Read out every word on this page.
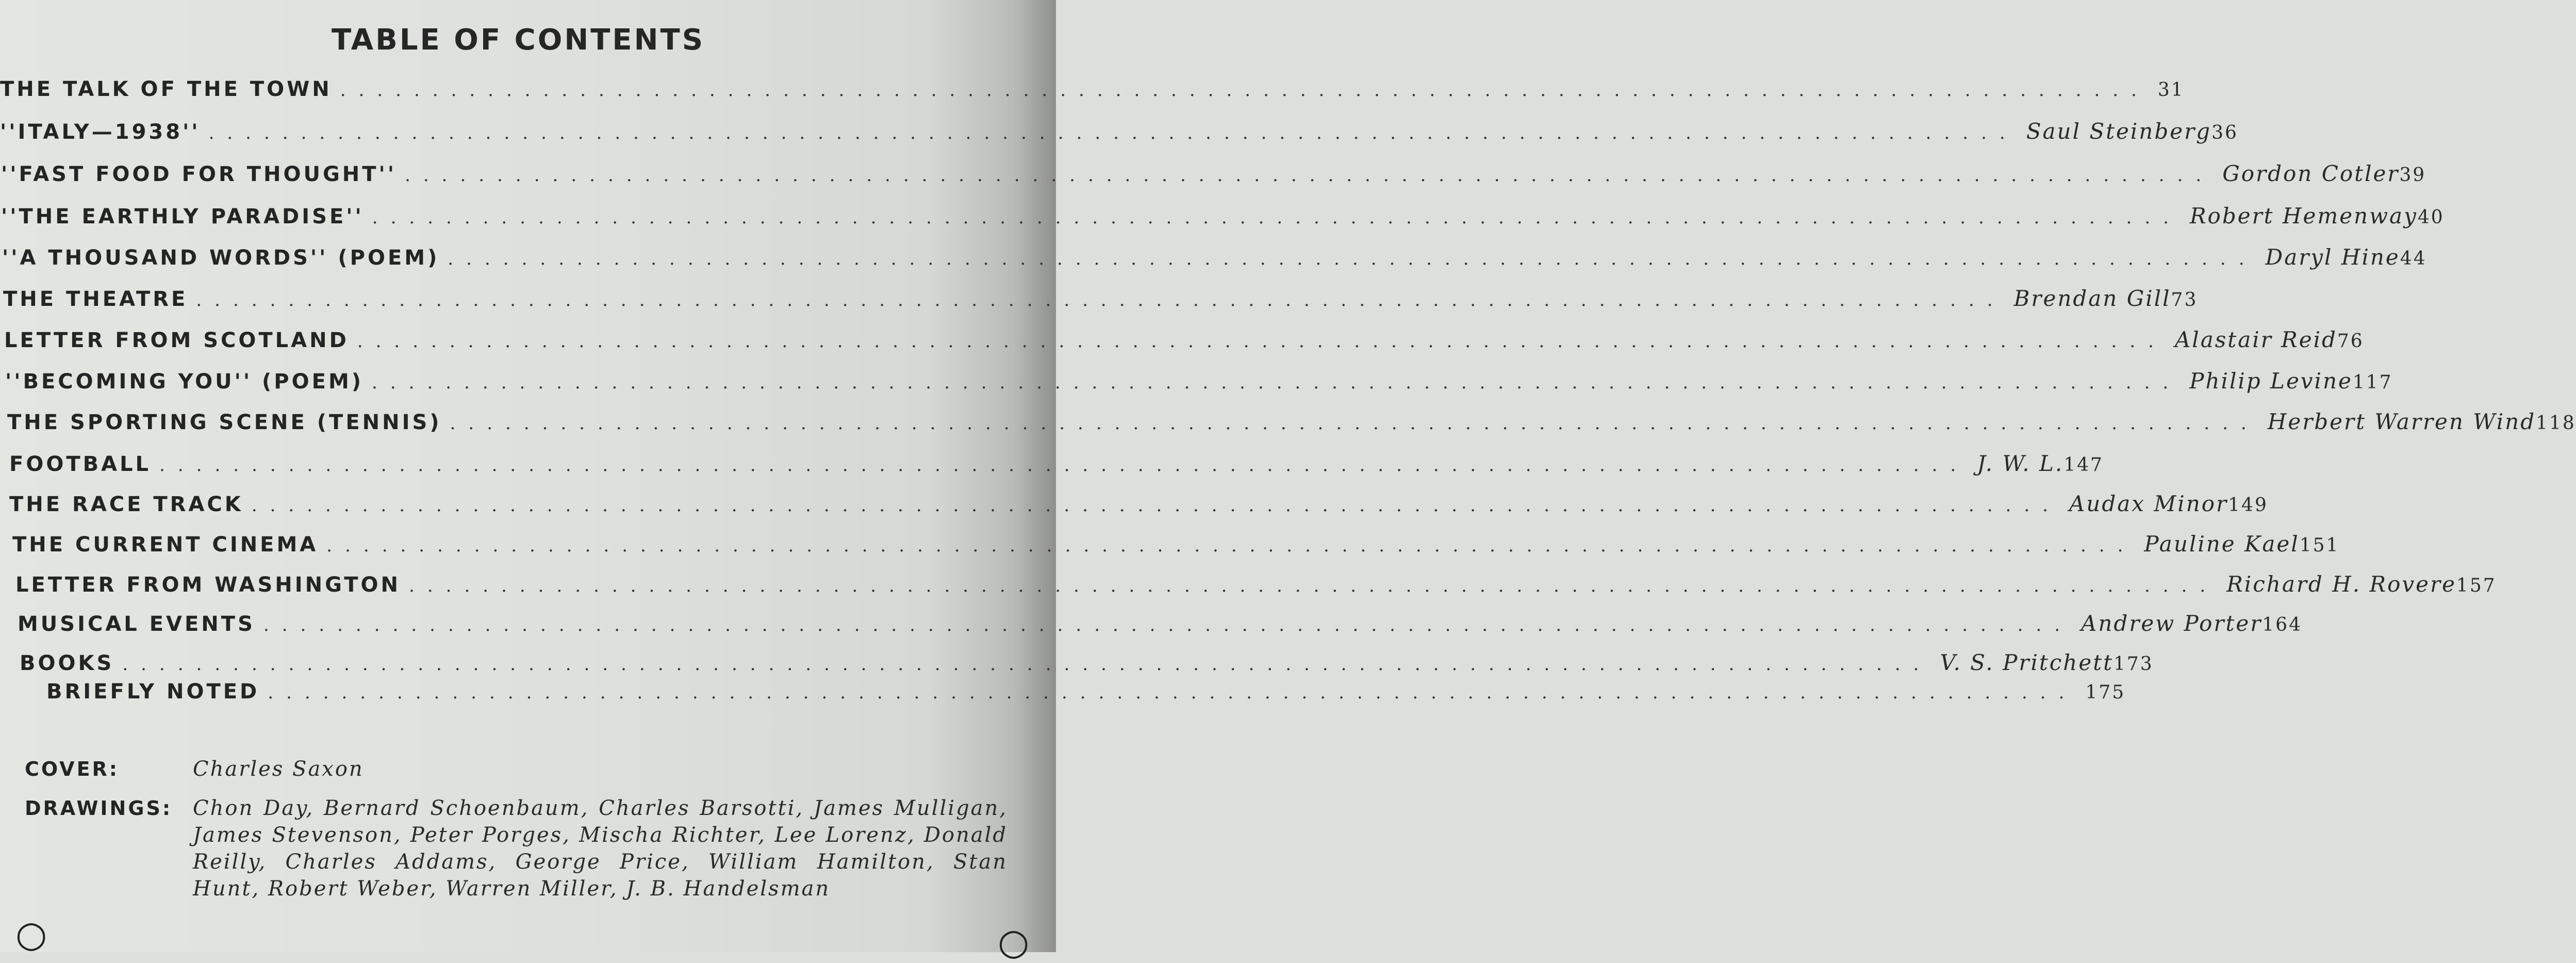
TABLE OF CONTENTS
THE TALK OF THE TOWN .................................................................................................. 31
''ITALY—1938'' .................................................................................................. Saul Steinberg 36
''FAST FOOD FOR THOUGHT'' .................................................................................................. Gordon Cotler 39
''THE EARTHLY PARADISE'' .................................................................................................. Robert Hemenway 40
''A THOUSAND WORDS'' (POEM) .................................................................................................. Daryl Hine 44
THE THEATRE .................................................................................................. Brendan Gill 73
LETTER FROM SCOTLAND .................................................................................................. Alastair Reid 76
''BECOMING YOU'' (POEM) .................................................................................................. Philip Levine 117
THE SPORTING SCENE (TENNIS) .................................................................................................. Herbert Warren Wind 118
FOOTBALL .................................................................................................. J. W. L. 147
THE RACE TRACK .................................................................................................. Audax Minor 149
THE CURRENT CINEMA .................................................................................................. Pauline Kael 151
LETTER FROM WASHINGTON .................................................................................................. Richard H. Rovere 157
MUSICAL EVENTS .................................................................................................. Andrew Porter 164
BOOKS .................................................................................................. V. S. Pritchett 173
BRIEFLY NOTED .................................................................................................. 175
COVER:	Charles Saxon
DRAWINGS: Chon Day, Bernard Schoenbaum, Charles Barsotti, James Mulligan, James Stevenson, Peter Porges, Mischa Richter, Lee Lorenz, Donald Reilly, Charles Addams, George Price, William Hamilton, Stan Hunt, Robert Weber, Warren Miller, J. B. Handelsman
○	○
